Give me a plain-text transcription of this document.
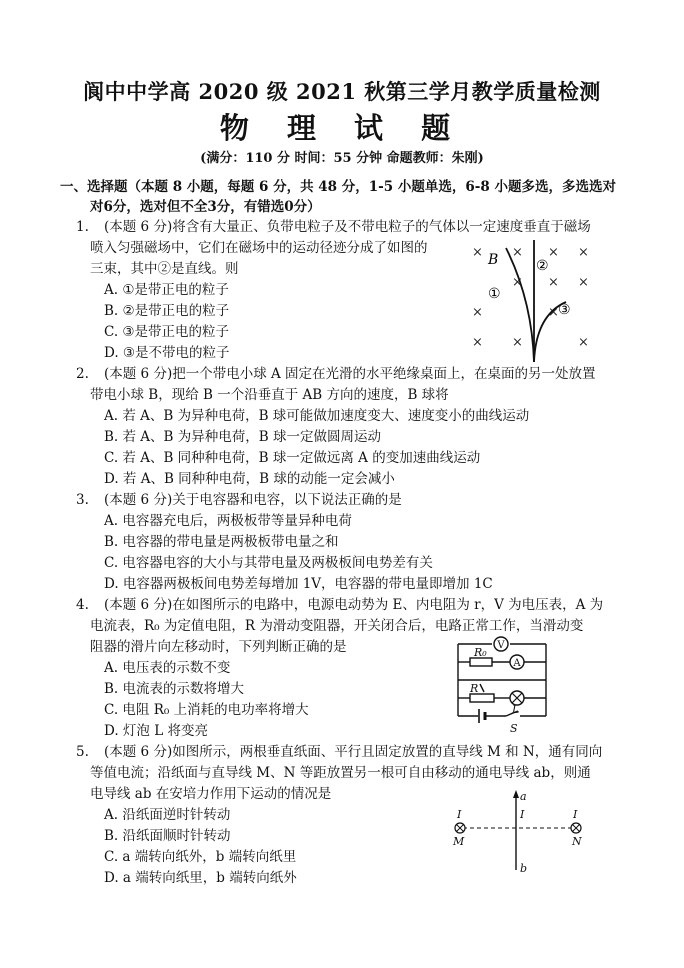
阆中中学高 2020 级 2021 秋第三学月教学质量检测
物 理 试 题
(满分：110 分 时间：55 分钟 命题教师：朱刚)
一、选择题（本题 8 小题，每题 6 分，共 48 分，1-5 小题单选，6-8 小题多选，多选选对
对6分，选对但不全3分，有错选0分）
1. (本题 6 分)将含有大量正、负带电粒子及不带电粒子的气体以一定速度垂直于磁场
喷入匀强磁场中，它们在磁场中的运动径迹分成了如图的
三束，其中②是直线。则
A. ①是带正电的粒子
B. ②是带正电的粒子
C. ③是带正电的粒子
D. ③是不带电的粒子
× × × ×
× × ×
×	×
× ×	×
B
①
②
③
2. (本题 6 分)把一个带电小球 A 固定在光滑的水平绝缘桌面上，在桌面的另一处放置
带电小球 B，现给 B 一个沿垂直于 AB 方向的速度，B 球将
A. 若 A、B 为异种电荷，B 球可能做加速度变大、速度变小的曲线运动
B. 若 A、B 为异种电荷，B 球一定做圆周运动
C. 若 A、B 同种种电荷，B 球一定做远离 A 的变加速曲线运动
D. 若 A、B 同种种电荷，B 球的动能一定会减小
3. (本题 6 分)关于电容器和电容，以下说法正确的是
A. 电容器充电后，两极板带等量异种电荷
B. 电容器的带电量是两极板带电量之和
C. 电容器电容的大小与其带电量及两极板间电势差有关
D. 电容器两极板间电势差每增加 1V，电容器的带电量即增加 1C
4. (本题 6 分)在如图所示的电路中，电源电动势为 E、内电阻为 r，V 为电压表，A 为
电流表，R₀ 为定值电阻，R 为滑动变阻器，开关闭合后，电路正常工作，当滑动变
阻器的滑片向左移动时，下列判断正确的是
A. 电压表的示数不变
B. 电流表的示数将增大
C. 电阻 R₀ 上消耗的电功率将增大
D. 灯泡 L 将变亮
V
A
R₀
R
L
S
5. (本题 6 分)如图所示，两根垂直纸面、平行且固定放置的直导线 M 和 N，通有同向
等值电流；沿纸面与直导线 M、N 等距放置另一根可自由移动的通电导线 ab，则通
电导线 ab 在安培力作用下运动的情况是
A. 沿纸面逆时针转动
B. 沿纸面顺时针转动
C. a 端转向纸外，b 端转向纸里
D. a 端转向纸里，b 端转向纸外
a
b
I
I	I
M	N
